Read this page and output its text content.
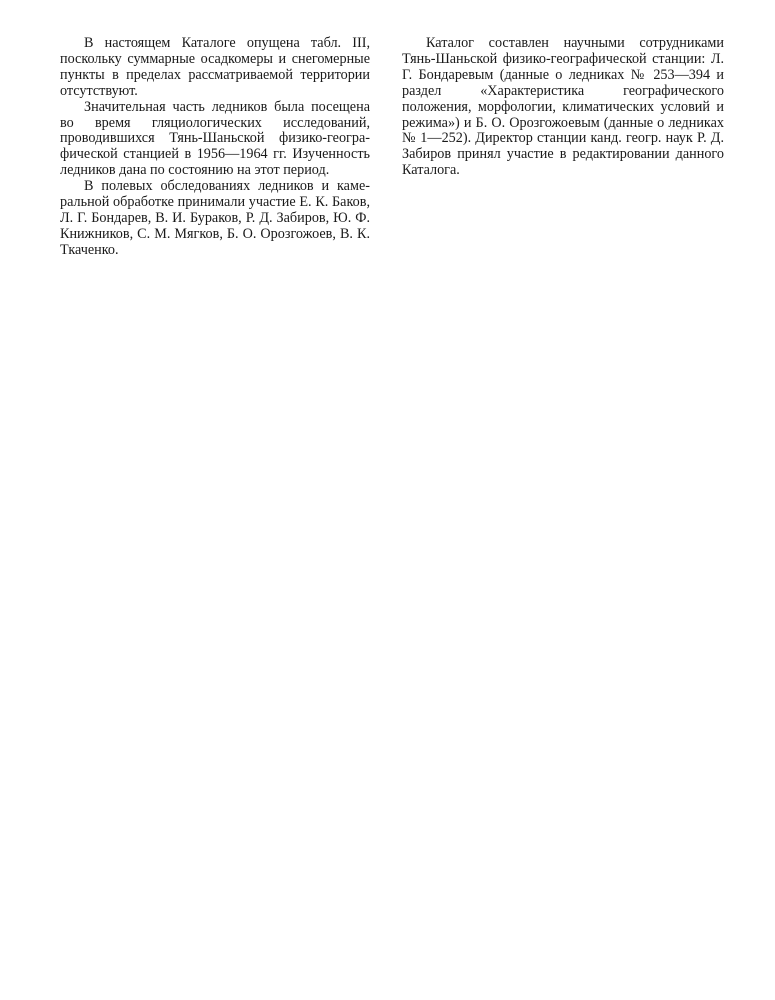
В настоящем Каталоге опущена табл. III, поскольку суммарные осадкомеры и снегомерные пункты в пределах рассматриваемой территории отсутствуют.

Значительная часть ледников была посещена во время гляциологических исследований, проводившихся Тянь-Шаньской физико-географической станцией в 1956—1964 гг. Изученность ледников дана по состоянию на этот период.

В полевых обследованиях ледников и камеральной обработке принимали участие Е. К. Баков, Л. Г. Бондарев, В. И. Бураков, Р. Д. Забиров, Ю. Ф. Книжников, С. М. Мягков, Б. О. Орозгожоев, В. К. Ткаченко.

Каталог составлен научными сотрудниками Тянь-Шаньской физико-географической станции: Л. Г. Бондаревым (данные о ледниках № 253—394 и раздел «Характеристика географического положения, морфологии, климатических условий и режима») и Б. О. Орозгожоевым (данные о ледниках № 1—252). Директор станции канд. геогр. наук Р. Д. Забиров принял участие в редактировании данного Каталога.
